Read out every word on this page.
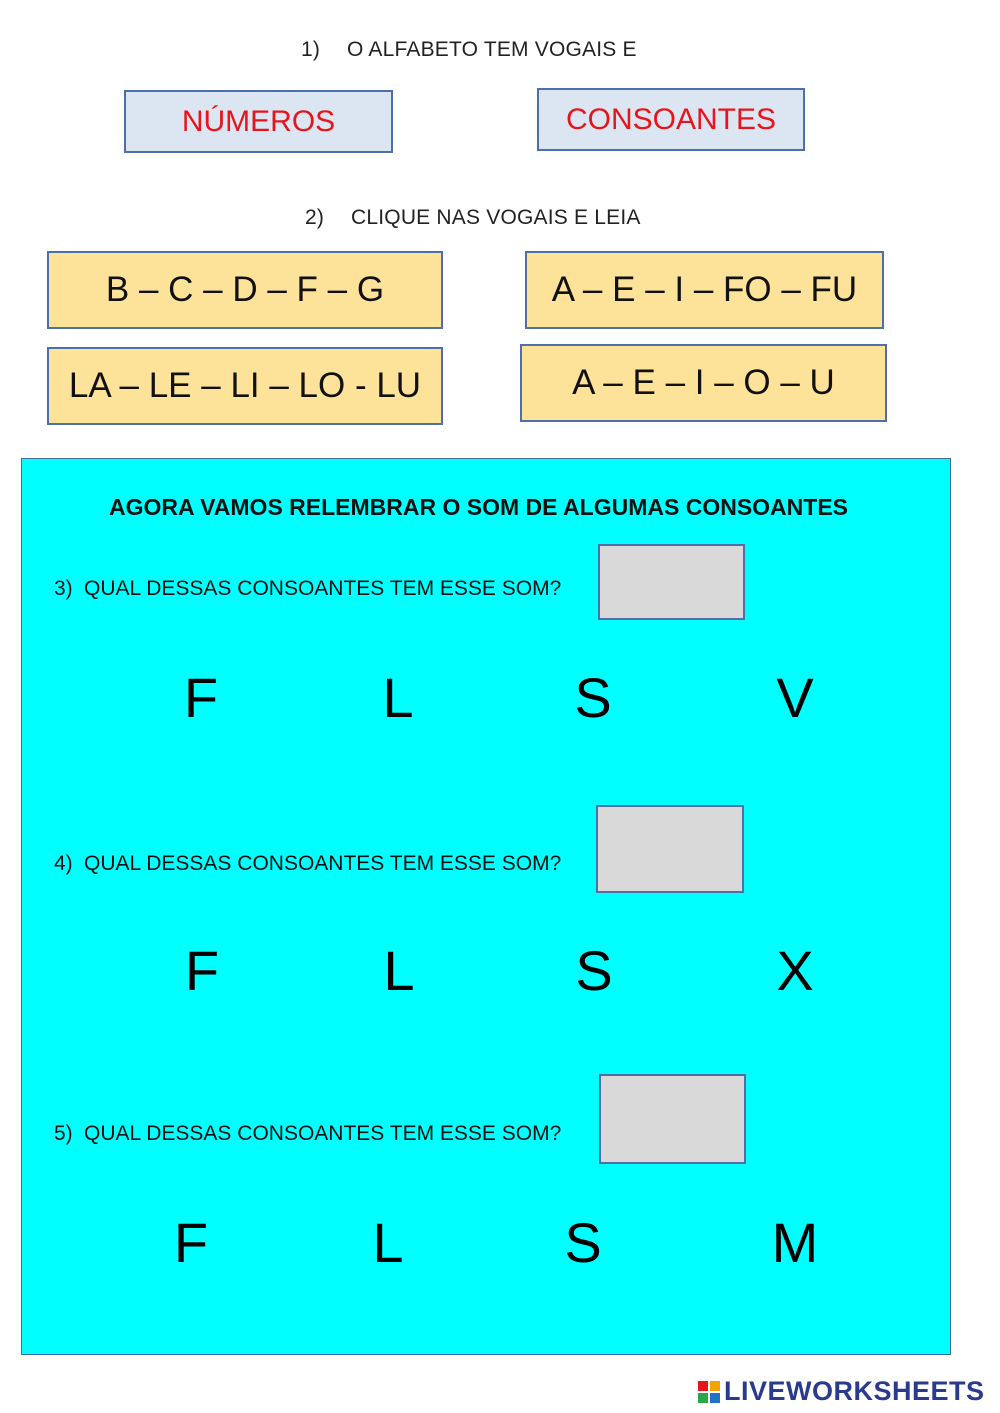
1) O ALFABETO TEM VOGAIS E
NÚMEROS	CONSOANTES
2) CLIQUE NAS VOGAIS E LEIA
B – C – D – F – G	A – E – I – FO – FU
LA – LE – LI – LO - LU	A – E – I – O – U
AGORA VAMOS RELEMBRAR O SOM DE ALGUMAS CONSOANTES
3) QUAL DESSAS CONSOANTES TEM ESSE SOM?
F	L	S	V
4) QUAL DESSAS CONSOANTES TEM ESSE SOM?
F	L	S	X
5) QUAL DESSAS CONSOANTES TEM ESSE SOM?
F	L	S	M
LIVEWORKSHEETS
